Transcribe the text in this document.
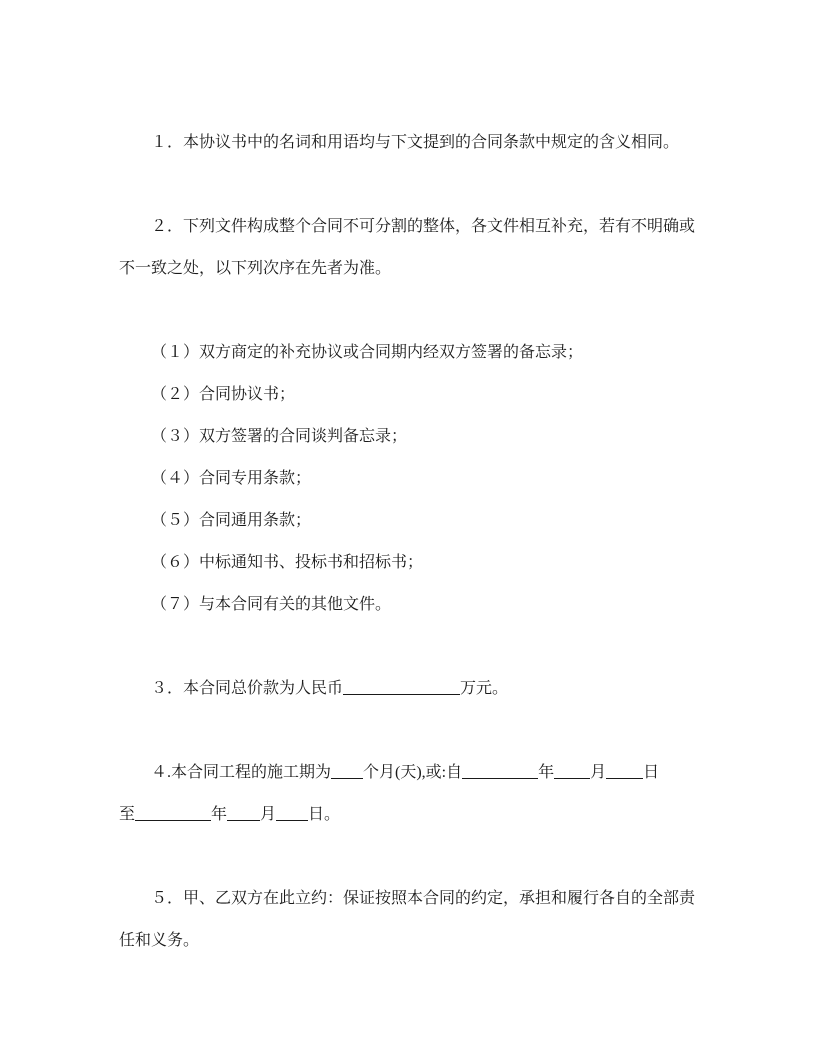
１．本协议书中的名词和用语均与下文提到的合同条款中规定的含义相同。
２．下列文件构成整个合同不可分割的整体，各文件相互补充，若有不明确或
不一致之处，以下列次序在先者为准。
（１）双方商定的补充协议或合同期内经双方签署的备忘录；
（２）合同协议书；
（３）双方签署的合同谈判备忘录；
（４）合同专用条款；
（５）合同通用条款；
（６）中标通知书、投标书和招标书；
（７）与本合同有关的其他文件。
３．本合同总价款为人民币	万元。
４.本合同工程的施工期为 个月(天),或:自	年 月 日
至	年 月 日。
５．甲、乙双方在此立约：保证按照本合同的约定，承担和履行各自的全部责
任和义务。
